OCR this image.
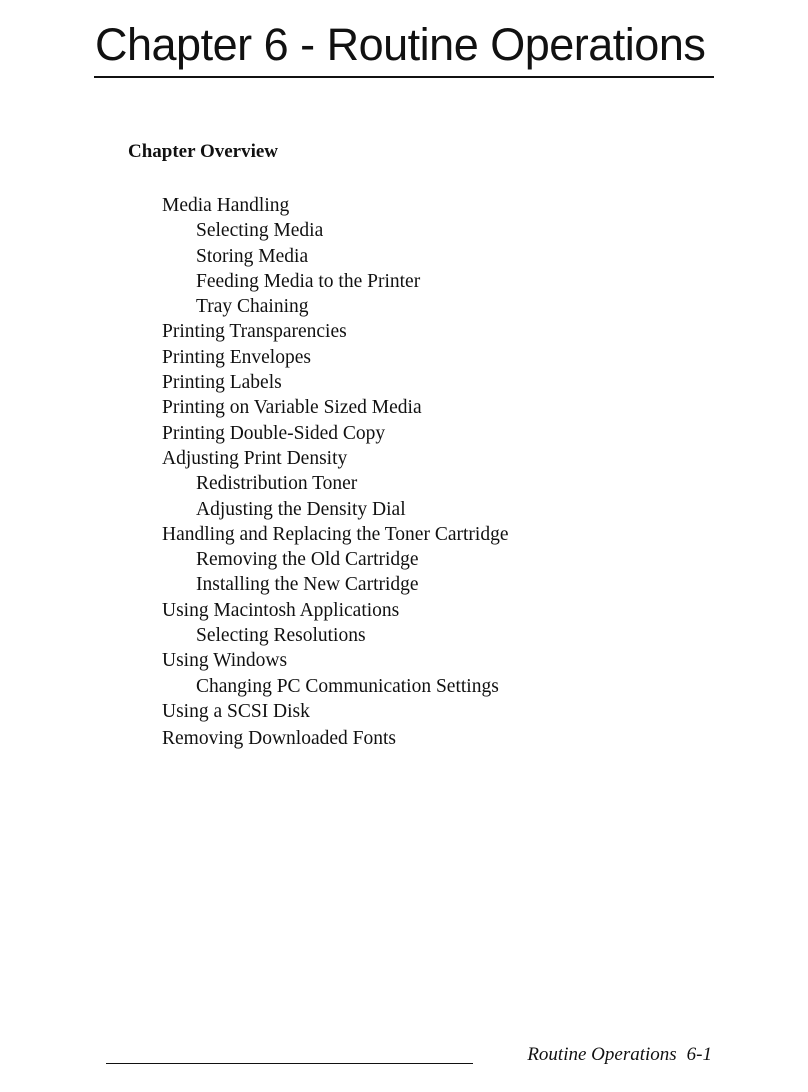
Chapter 6 - Routine Operations
Chapter Overview
Media Handling
Selecting Media
Storing Media
Feeding Media to the Printer
Tray Chaining
Printing Transparencies
Printing Envelopes
Printing Labels
Printing on Variable Sized Media
Printing Double-Sided Copy
Adjusting Print Density
Redistribution Toner
Adjusting the Density Dial
Handling and Replacing the Toner Cartridge
Removing the Old Cartridge
Installing the New Cartridge
Using Macintosh Applications
Selecting Resolutions
Using Windows
Changing PC Communication Settings
Using a SCSI Disk
Removing Downloaded Fonts
Routine Operations 6-1
